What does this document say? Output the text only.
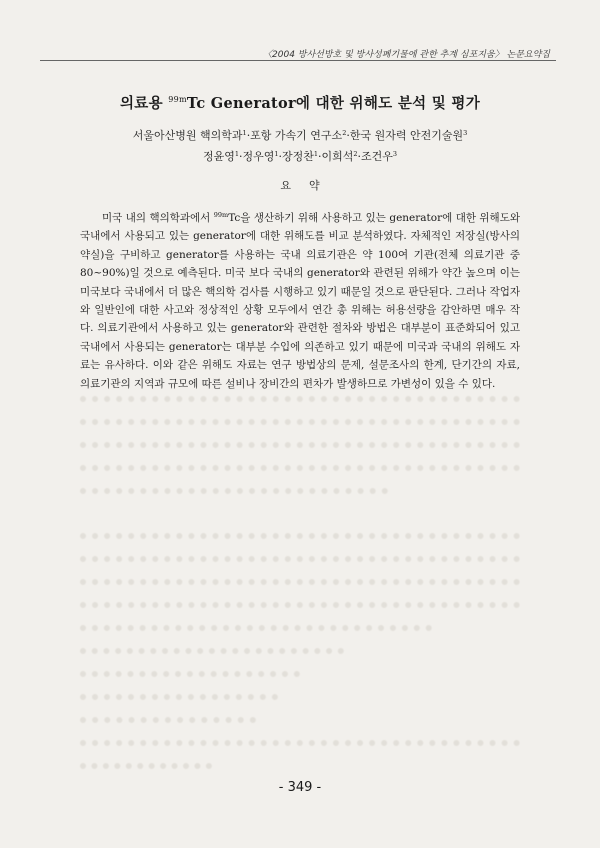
〈2004 방사선방호 및 방사성폐기물에 관한 추계 심포지움〉 논문요약집
의료용 $^{99m}$Tc Generator에 대한 위해도 분석 및 평가
서울아산병원 핵의학과$^1$·포항 가속기 연구소$^2$·한국 원자력 안전기술원$^3$
정윤영$^1$·정우영$^1$·장정찬$^1$·이희석$^2$·조건우$^3$
요약

미국 내의 핵의학과에서 $^{99m}$Tc을 생산하기 위해 사용하고 있는 generator에 대한 위해도와 국내에서 사용되고 있는 generator에 대한 위해도를 비교 분석하였다. 자체적인 저장실(방사의약실)을 구비하고 generator를 사용하는 국내 의료기관은 약 100여 기관(전체 의료기관 중 80~90%)일 것으로 예측된다. 미국 보다 국내의 generator와 관련된 위해가 약간 높으며 이는 미국보다 국내에서 더 많은 핵의학 검사를 시행하고 있기 때문일 것으로 판단된다. 그러나 작업자와 일반인에 대한 사고와 정상적인 상황 모두에서 연간 총 위해는 허용선량을 감안하면 매우 작다. 의료기관에서 사용하고 있는 generator와 관련한 절차와 방법은 대부분이 표준화되어 있고 국내에서 사용되는 generator는 대부분 수입에 의존하고 있기 때문에 미국과 국내의 위해도 자료는 유사하다. 이와 같은 위해도 자료는 연구 방법상의 문제, 설문조사의 한계, 단기간의 자료, 의료기관의 지역과 규모에 따른 설비나 장비간의 편차가 발생하므로 가변성이 있을 수 있다.

- 349 -
